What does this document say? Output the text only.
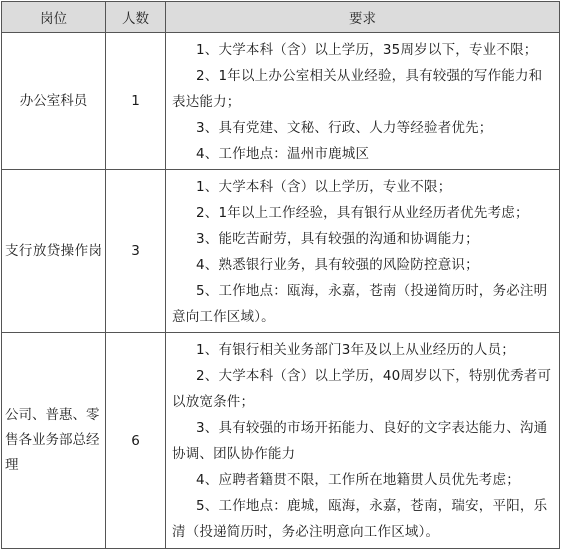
岗位	人数	要求
办公室科员	1	1、大学本科（含）以上学历，35周岁以下，专业不限；
2、1年以上办公室相关从业经验，具有较强的写作能力和表达能力；
3、具有党建、文秘、行政、人力等经验者优先；
4、工作地点：温州市鹿城区

支行放贷操作岗	3	1、大学本科（含）以上学历，专业不限；
2、1年以上工作经验，具有银行从业经历者优先考虑；
3、能吃苦耐劳，具有较强的沟通和协调能力；
4、熟悉银行业务，具有较强的风险防控意识；
5、工作地点：瓯海，永嘉，苍南（投递简历时，务必注明意向工作区域）。

公司、普惠、零售各业务部总经理	6	1、有银行相关业务部门3年及以上从业经历的人员；
2、大学本科（含）以上学历，40周岁以下，特别优秀者可以放宽条件；
3、具有较强的市场开拓能力、良好的文字表达能力、沟通协调、团队协作能力
4、应聘者籍贯不限，工作所在地籍贯人员优先考虑；
5、工作地点：鹿城，瓯海，永嘉，苍南，瑞安，平阳，乐清（投递简历时，务必注明意向工作区域）。
